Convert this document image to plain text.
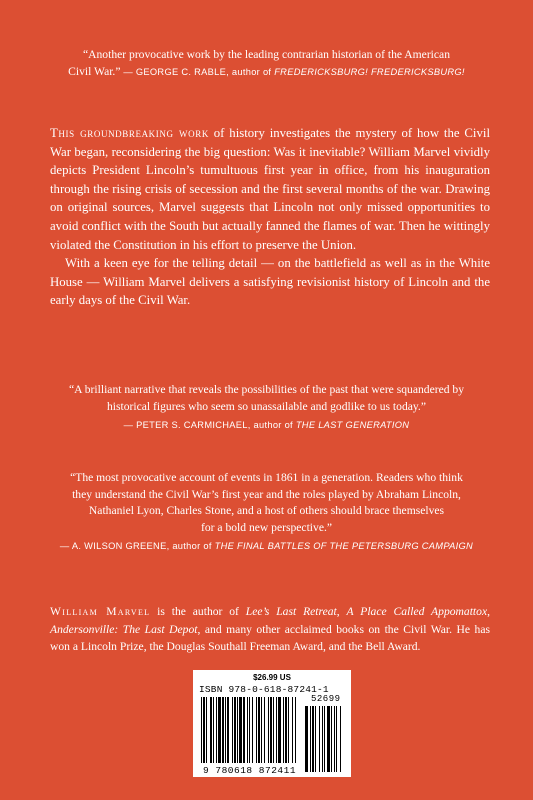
“Another provocative work by the leading contrarian historian of the American
Civil War.” — GEORGE C. RABLE, author of FREDERICKSBURG! FREDERICKSBURG!

This groundbreaking work of history investigates the mystery of how the Civil War began, reconsidering the big question: Was it inevitable? William Marvel vividly depicts President Lincoln’s tumultuous first year in office, from his inauguration through the rising crisis of secession and the first several months of the war. Drawing on original sources, Marvel suggests that Lincoln not only missed opportunities to avoid conflict with the South but actually fanned the flames of war. Then he wittingly violated the Constitution in his effort to preserve the Union.

With a keen eye for the telling detail — on the battlefield as well as in the White House — William Marvel delivers a satisfying revisionist history of Lincoln and the early days of the Civil War.

“A brilliant narrative that reveals the possibilities of the past that were squandered by
historical figures who seem so unassailable and godlike to us today.”
— PETER S. CARMICHAEL, author of THE LAST GENERATION
“The most provocative account of events in 1861 in a generation. Readers who think
they understand the Civil War’s first year and the roles played by Abraham Lincoln,
Nathaniel Lyon, Charles Stone, and a host of others should brace themselves
for a bold new perspective.”
— A. WILSON GREENE, author of THE FINAL BATTLES OF THE PETERSBURG CAMPAIGN
William Marvel is the author of Lee’s Last Retreat, A Place Called Appomattox, Andersonville: The Last Depot, and many other acclaimed books on the Civil War. He has won a Lincoln Prize, the Douglas Southall Freeman Award, and the Bell Award.
$26.99 US
ISBN 978-0-618-87241-1
52699
9 780618 872411
